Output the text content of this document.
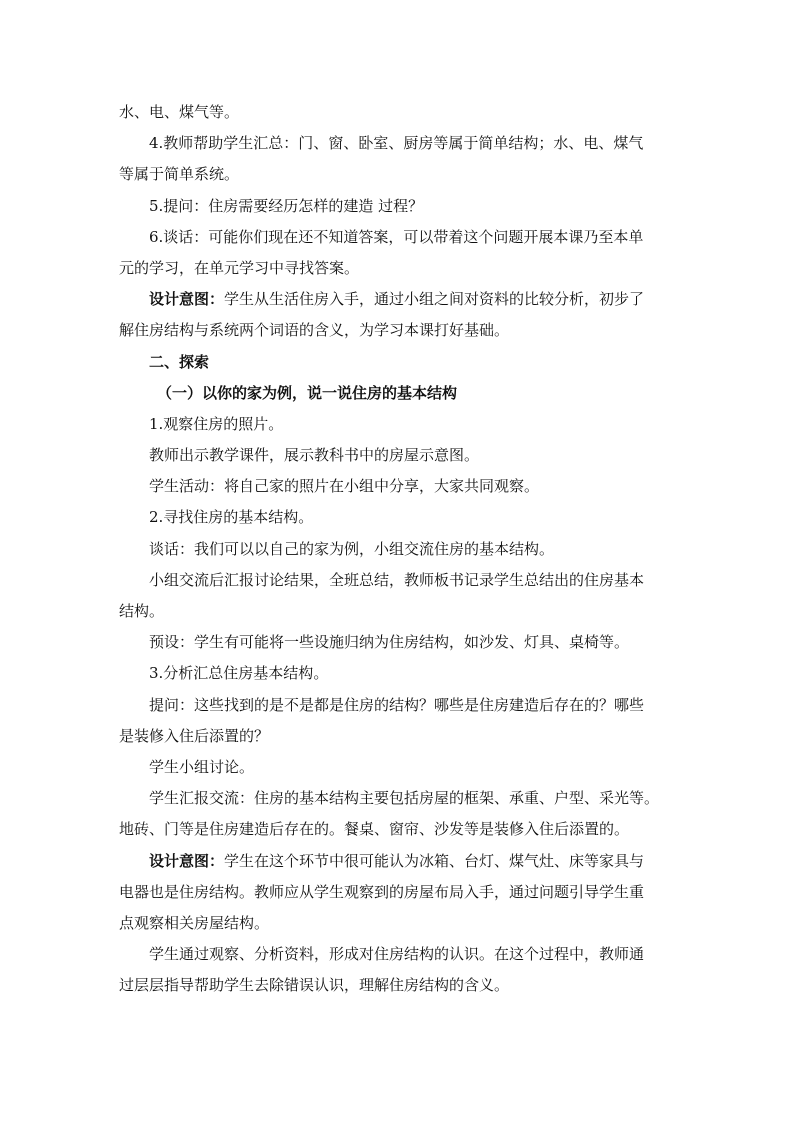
水、电、煤气等。
4.教师帮助学生汇总：门、窗、卧室、厨房等属于简单结构；水、电、煤气
等属于简单系统。
5.提问：住房需要经历怎样的建造 过程？
6.谈话：可能你们现在还不知道答案，可以带着这个问题开展本课乃至本单
元的学习，在单元学习中寻找答案。
设计意图：学生从生活住房入手，通过小组之间对资料的比较分析，初步了
解住房结构与系统两个词语的含义，为学习本课打好基础。
二、探索
（一）以你的家为例，说一说住房的基本结构
1.观察住房的照片。
教师出示教学课件，展示教科书中的房屋示意图。
学生活动：将自己家的照片在小组中分享，大家共同观察。
2.寻找住房的基本结构。
谈话：我们可以以自己的家为例，小组交流住房的基本结构。
小组交流后汇报讨论结果，全班总结，教师板书记录学生总结出的住房基本
结构。
预设：学生有可能将一些设施归纳为住房结构，如沙发、灯具、桌椅等。
3.分析汇总住房基本结构。
提问：这些找到的是不是都是住房的结构？哪些是住房建造后存在的？哪些
是装修入住后添置的？
学生小组讨论。
学生汇报交流：住房的基本结构主要包括房屋的框架、承重、户型、采光等。
地砖、门等是住房建造后存在的。餐桌、窗帘、沙发等是装修入住后添置的。
设计意图：学生在这个环节中很可能认为冰箱、台灯、煤气灶、床等家具与
电器也是住房结构。教师应从学生观察到的房屋布局入手，通过问题引导学生重
点观察相关房屋结构。
学生通过观察、分析资料，形成对住房结构的认识。在这个过程中，教师通
过层层指导帮助学生去除错误认识，理解住房结构的含义。
